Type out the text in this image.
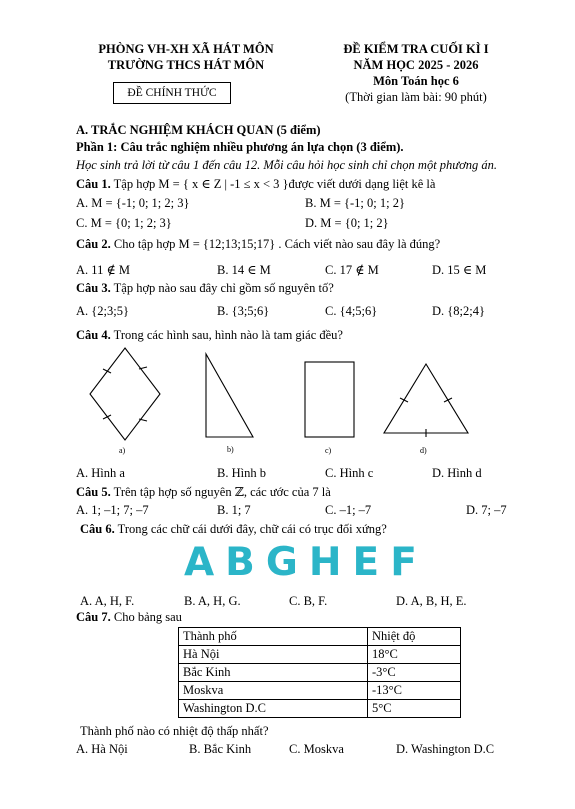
PHÒNG VH-XH XÃ HÁT MÔN
TRƯỜNG THCS HÁT MÔN
ĐỀ CHÍNH THỨC
ĐỀ KIỂM TRA CUỐI KÌ I
NĂM HỌC 2025 - 2026
Môn Toán học 6
(Thời gian làm bài: 90 phút)
A. TRẮC NGHIỆM KHÁCH QUAN (5 điểm)
Phần 1: Câu trắc nghiệm nhiều phương án lựa chọn (3 điểm).
Học sinh trả lời từ câu 1 đến câu 12. Mỗi câu hỏi học sinh chỉ chọn một phương án.
Câu 1. Tập hợp M = { x ∈ Z | -1 ≤ x < 3 }được viết dưới dạng liệt kê là
A. M = {-1; 0; 1; 2; 3}	B. M = {-1; 0; 1; 2}
C. M = {0; 1; 2; 3}	D. M = {0; 1; 2}
Câu 2. Cho tập hợp M = {12;13;15;17} . Cách viết nào sau đây là đúng?
A. 11 ∉ M	B. 14 ∈ M	C. 17 ∉ M	D. 15 ∈ M
Câu 3. Tập hợp nào sau đây chỉ gồm số nguyên tố?
A. {2;3;5}	B. {3;5;6}	C. {4;5;6}	D. {8;2;4}
Câu 4. Trong các hình sau, hình nào là tam giác đều?
a)	b)	c)	d)
A. Hình a	B. Hình b	C. Hình c	D. Hình d
Câu 5. Trên tập hợp số nguyên ℤ, các ước của 7 là
A. 1; –1; 7; –7	B. 1; 7	C. –1; –7	D. 7; –7
Câu 6. Trong các chữ cái dưới đây, chữ cái có trục đối xứng?
ABGHEF
A. A, H, F.	B. A, H, G.	C. B, F.	D. A, B, H, E.
Câu 7. Cho bảng sau
Thành phố	Nhiệt độ
Hà Nội	18°C
Bắc Kinh	-3°C
Moskva	-13°C
Washington D.C	5°C
Thành phố nào có nhiệt độ thấp nhất?
A. Hà Nội	B. Bắc Kinh	C. Moskva	D. Washington D.C
